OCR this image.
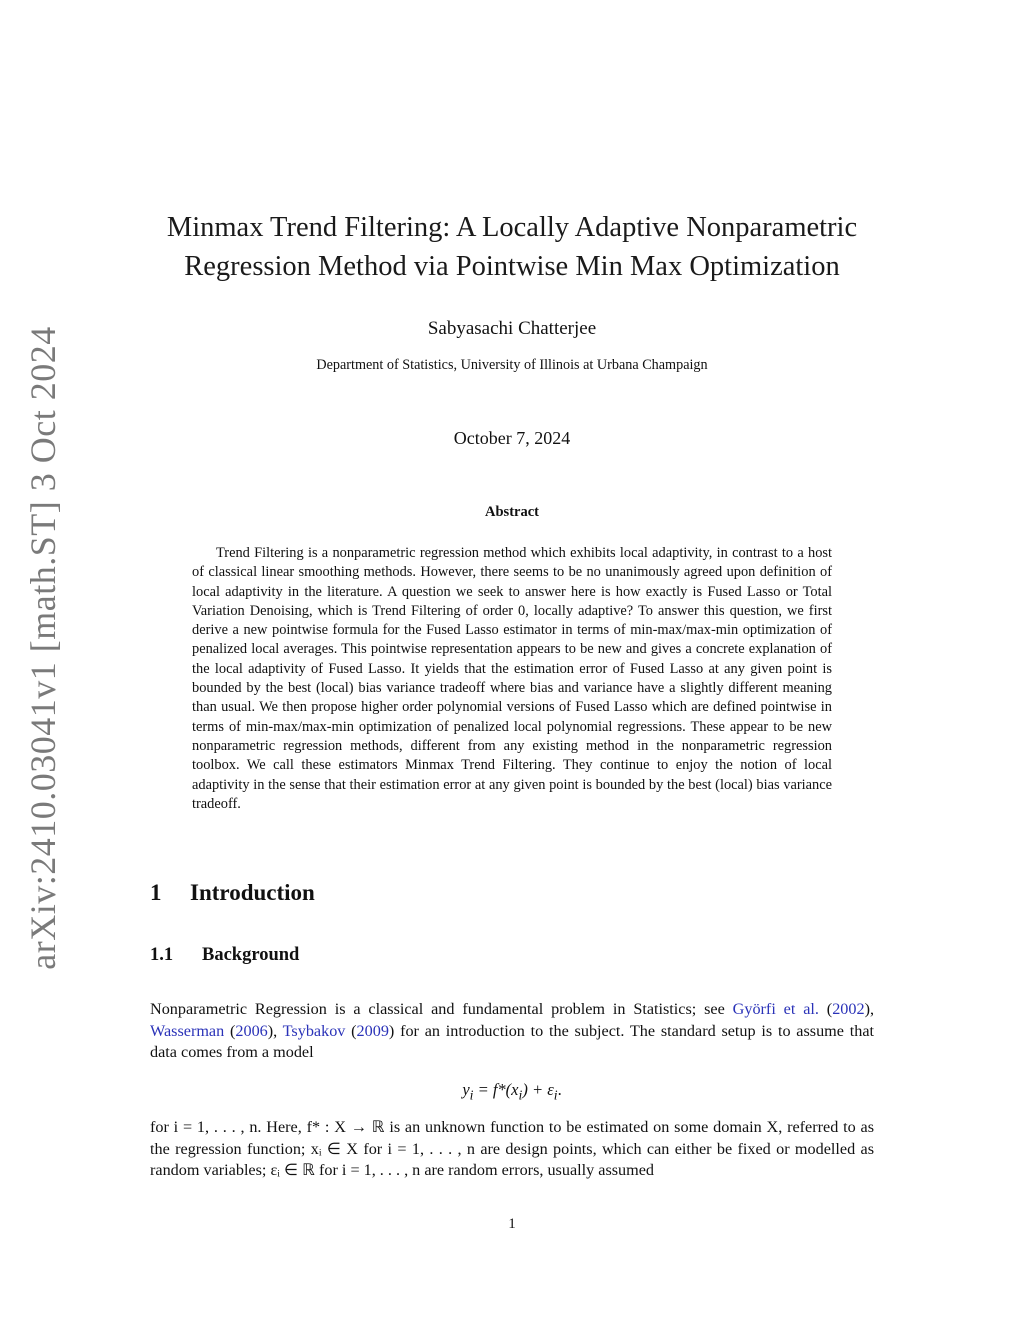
arXiv:2410.03041v1 [math.ST] 3 Oct 2024
Minmax Trend Filtering: A Locally Adaptive Nonparametric
Regression Method via Pointwise Min Max Optimization
Sabyasachi Chatterjee
Department of Statistics, University of Illinois at Urbana Champaign
October 7, 2024
Abstract

Trend Filtering is a nonparametric regression method which exhibits local adaptivity, in contrast to a host of classical linear smoothing methods. However, there seems to be no unanimously agreed upon definition of local adaptivity in the literature. A question we seek to answer here is how exactly is Fused Lasso or Total Variation Denoising, which is Trend Filtering of order 0, locally adaptive? To answer this question, we first derive a new pointwise formula for the Fused Lasso estimator in terms of min-max/max-min optimization of penalized local averages. This pointwise representation appears to be new and gives a concrete explanation of the local adaptivity of Fused Lasso. It yields that the estimation error of Fused Lasso at any given point is bounded by the best (local) bias variance tradeoff where bias and variance have a slightly different meaning than usual. We then propose higher order polynomial versions of Fused Lasso which are defined pointwise in terms of min-max/max-min optimization of penalized local polynomial regressions. These appear to be new nonparametric regression methods, different from any existing method in the nonparametric regression toolbox. We call these estimators Minmax Trend Filtering. They continue to enjoy the notion of local adaptivity in the sense that their estimation error at any given point is bounded by the best (local) bias variance tradeoff.

1 Introduction
1.1 Background

Nonparametric Regression is a classical and fundamental problem in Statistics; see Györfi et al. (2002), Wasserman (2006), Tsybakov (2009) for an introduction to the subject. The standard setup is to assume that data comes from a model

$y_i = f*(x_i) + \varepsilon_i$.

for i = 1, . . . , n. Here, f* : X → ℝ is an unknown function to be estimated on some domain X, referred to as the regression function; xᵢ ∈ X for i = 1, . . . , n are design points, which can either be fixed or modelled as random variables; εᵢ ∈ ℝ for i = 1, . . . , n are random errors, usually assumed

1
